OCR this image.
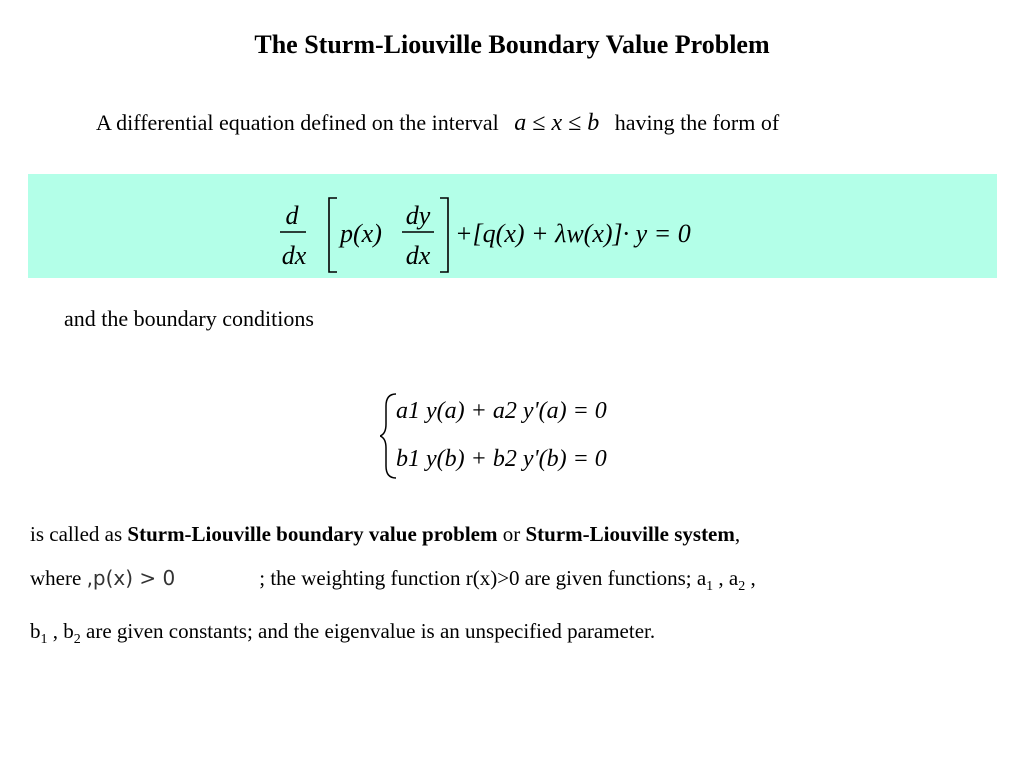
The Sturm-Liouville Boundary Value Problem
A differential equation defined on the interval a ≤ x ≤ b having the form of
d
dx
p(x)
dy
dx
+[q(x) + λw(x)]· y = 0
and the boundary conditions
a1 y(a) + a2 y'(a) = 0
b1 y(b) + b2 y'(b) = 0

is called as Sturm-Liouville boundary value problem or Sturm-Liouville system,

where ,p(x) > 0	; the weighting function r(x)>0 are given functions; $a_1$ , $a_2$ ,

$b_1$ , $b_2$ are given constants; and the eigenvalue is an unspecified parameter.
